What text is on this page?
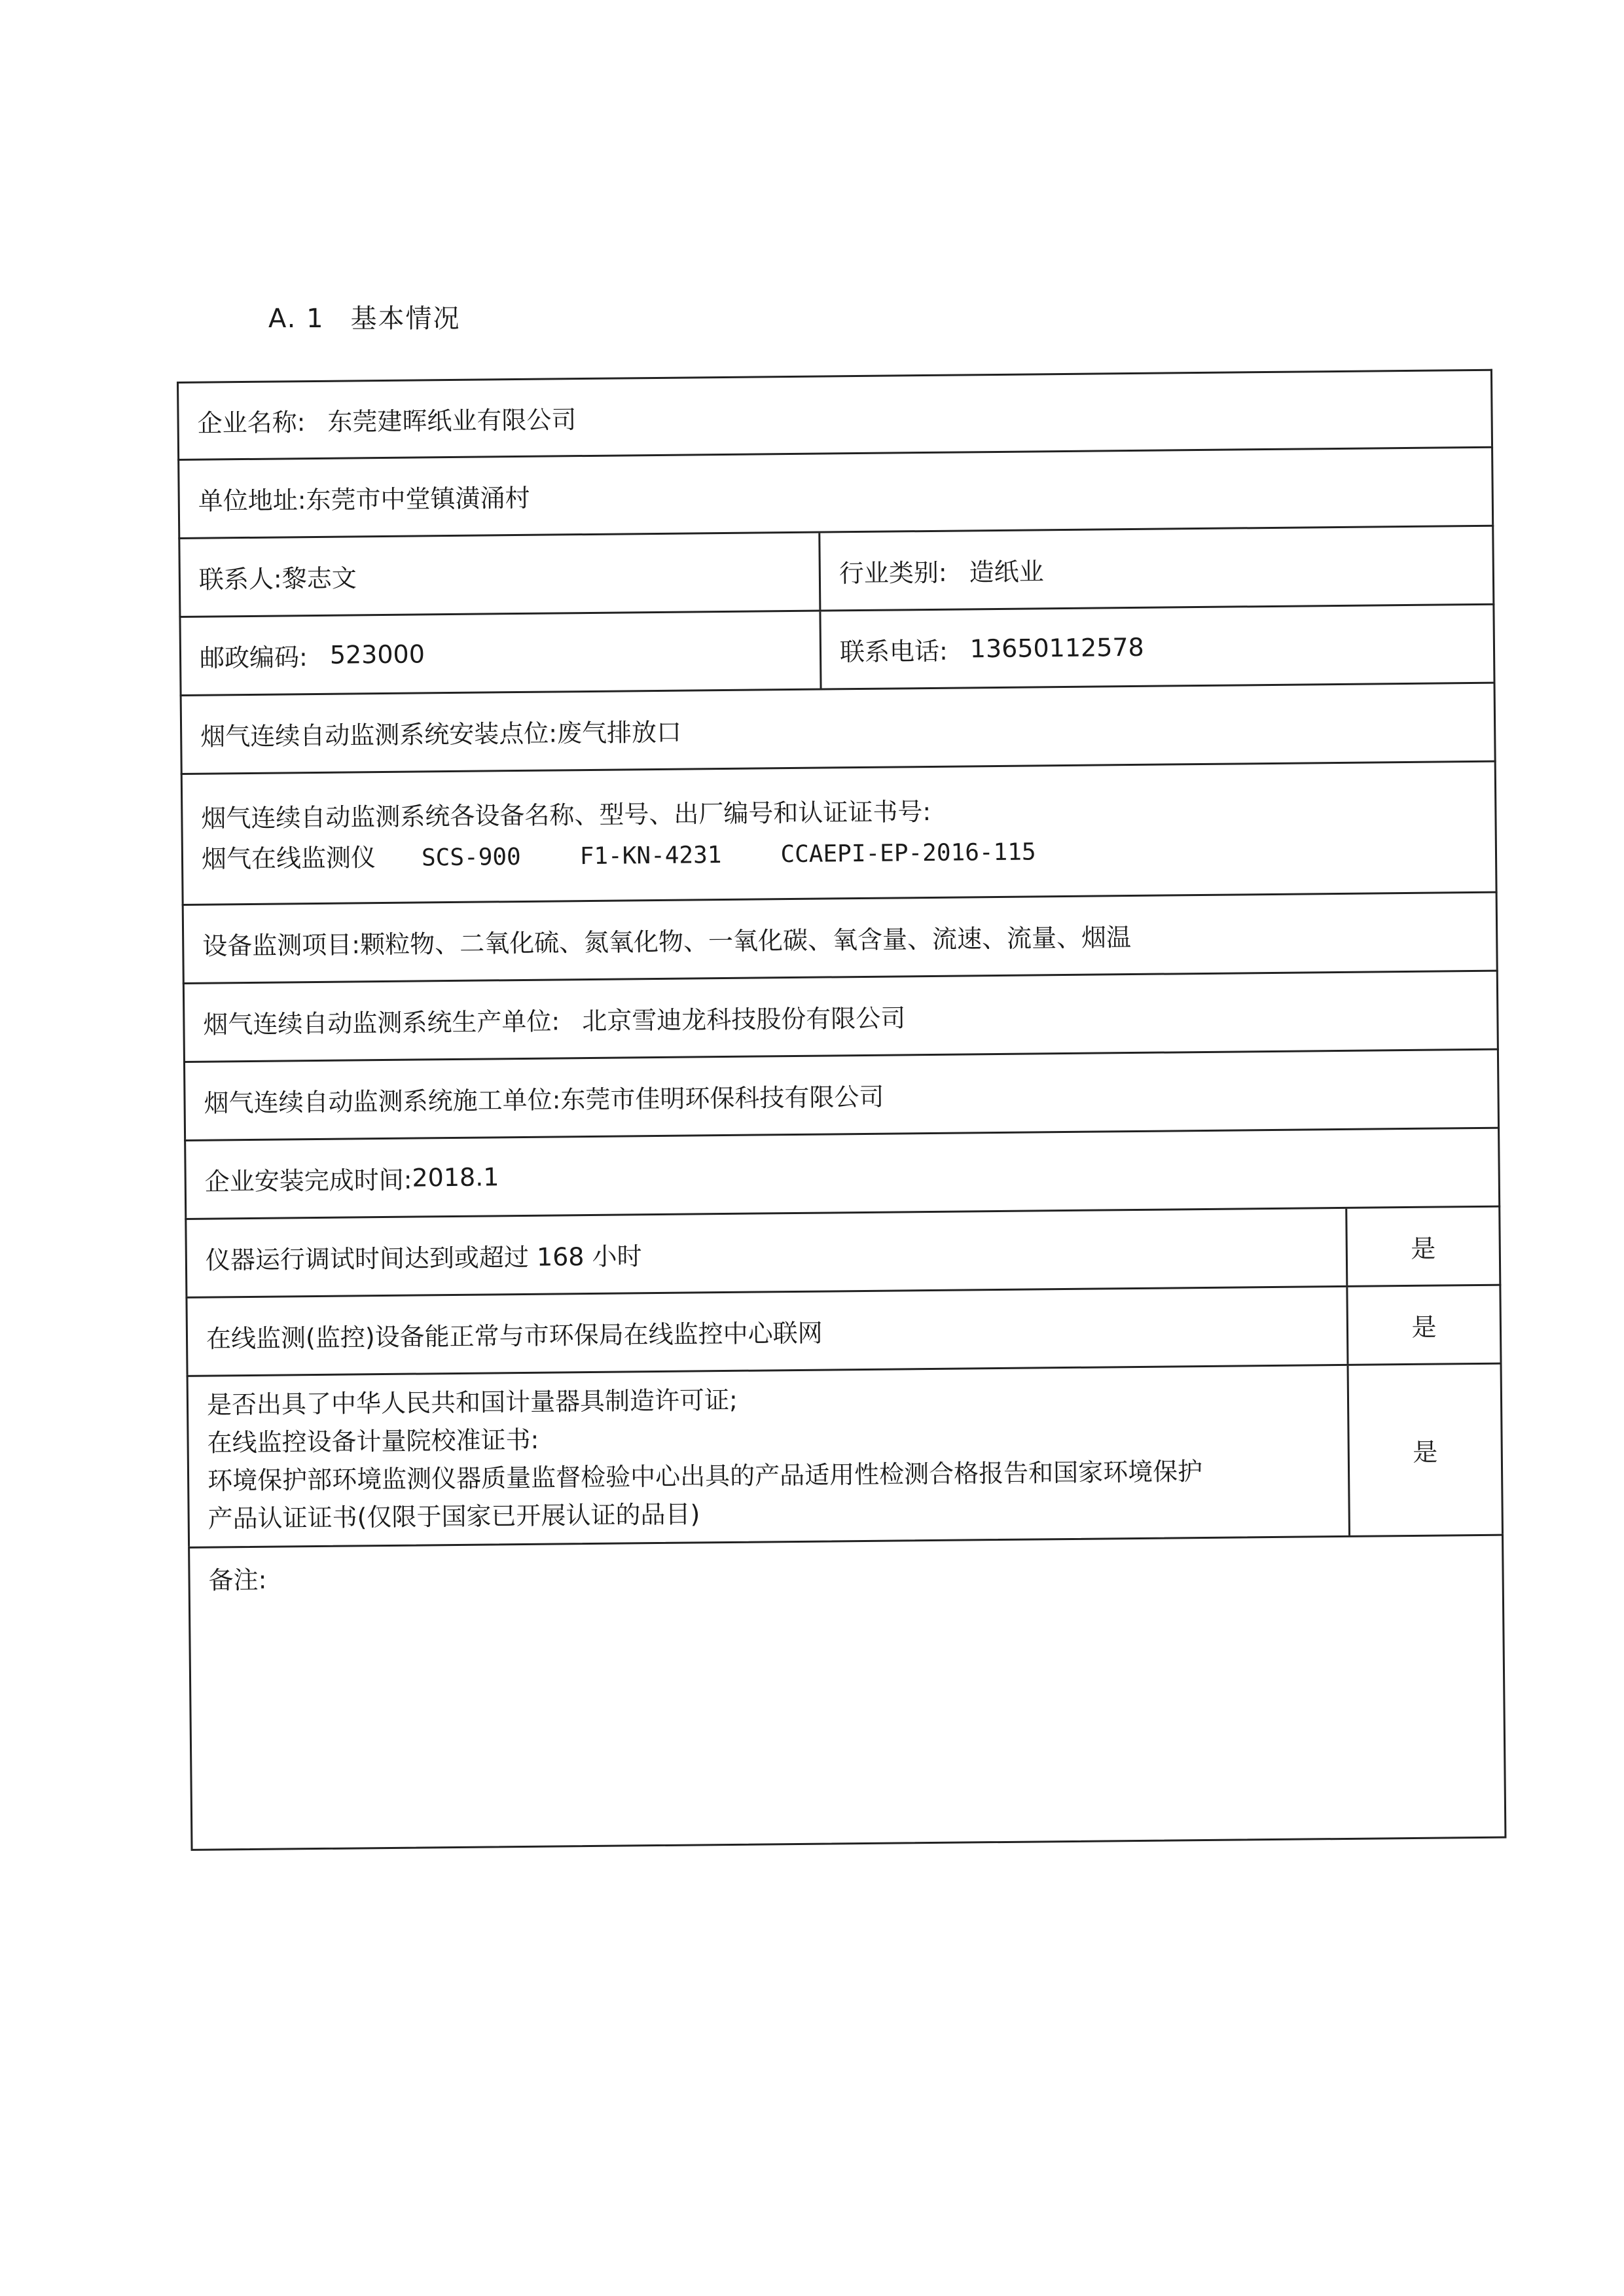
A. 1 基本情况
企业名称: 东莞建晖纸业有限公司
单位地址: 东莞市中堂镇潢涌村
联系人: 黎志文	行业类别: 造纸业
邮政编码: 523000	联系电话: 13650112578
烟气连续自动监测系统安装点位: 废气排放口
烟气连续自动监测系统各设备名称、型号、出厂编号和认证证书号:
烟气在线监测仪 SCS-900 F1-KN-4231 CCAEPI-EP-2016-115
设备监测项目:颗粒物、二氧化硫、氮氧化物、一氧化碳、氧含量、流速、流量、烟温
烟气连续自动监测系统生产单位: 北京雪迪龙科技股份有限公司
烟气连续自动监测系统施工单位: 东莞市佳明环保科技有限公司
企业安装完成时间: 2018.1
仪器运行调试时间达到或超过 168 小时	是
在线监测(监控)设备能正常与市环保局在线监控中心联网	是
是否出具了中华人民共和国计量器具制造许可证;
在线监控设备计量院校准证书:
环境保护部环境监测仪器质量监督检验中心出具的产品适用性检测合格报告和国家环境保护
产品认证证书(仅限于国家已开展认证的品目)
是
备注:
